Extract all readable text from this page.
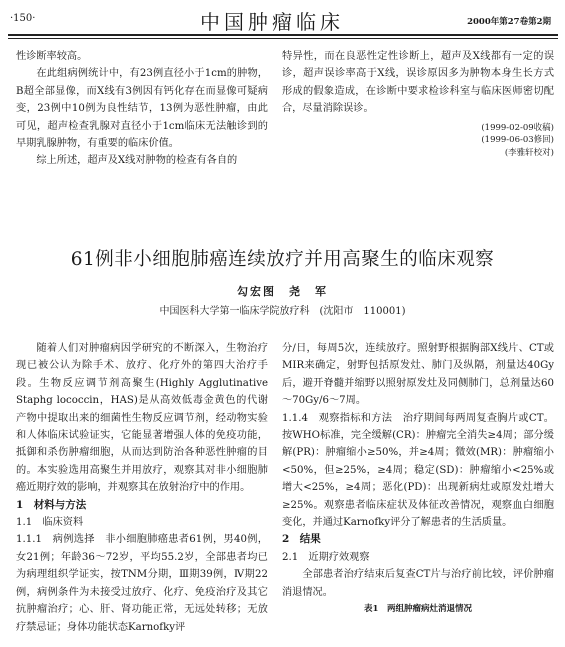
·150·	中国肿瘤临床	2000年第27卷第2期

性诊断率较高。

在此组病例统计中，有23例直径小于1cm的肿物，B超全部显像，而X线有3例因有钙化存在而显像可疑病变，23例中10例为良性结节，13例为恶性肿瘤，由此可见，超声检查乳腺对直径小于1cm临床无法触诊到的早期乳腺肿物，有重要的临床价值。

综上所述，超声及X线对肿物的检查有各自的

特异性，而在良恶性定性诊断上，超声及X线都有一定的误诊，超声误诊率高于X线，误诊原因多为肿物本身生长方式形成的假象造成，在诊断中要求检诊科室与临床医师密切配合，尽量消除误诊。

(1999-02-09收稿)
(1999-06-03修回)
(李雅轩校对)
61例非小细胞肺癌连续放疗并用高聚生的临床观察
勾宏图　尧　军
中国医科大学第一临床学院放疗科　(沈阳市　110001)

随着人们对肿瘤病因学研究的不断深入，生物治疗现已被公认为除手术、放疗、化疗外的第四大治疗手段。生物反应调节剂高聚生(Highly Agglutinative Staphg lococcin，HAS)是从高效低毒金黄色的代谢产物中提取出来的细菌性生物反应调节剂，经动物实验和人体临床试验证实，它能显著增强人体的免疫功能，抵御和杀伤肿瘤细胞，从而达到防治各种恶性肿瘤的目的。本实验选用高聚生并用放疗，观察其对非小细胞肺癌近期疗效的影响，并观察其在放射治疗中的作用。

1　材料与方法

1.1　临床资料

1.1.1　病例选择　非小细胞肺癌患者61例，男40例，女21例；年龄36～72岁，平均55.2岁，全部患者均已为病理组织学证实，按TNM分期，Ⅲ期39例，Ⅳ期22例，病例条件为未接受过放疗、化疗、免疫治疗及其它抗肿瘤治疗；心、肝、肾功能正常，无远处转移；无放疗禁忌证；身体功能状态Karnofky评

分/日，每周5次，连续放疗。照射野根据胸部X线片、CT或MIR来确定，射野包括原发灶、肺门及纵隔，剂量达40Gy后，避开脊髓并缩野以照射原发灶及同侧肺门，总剂量达60～70Gy/6～7周。

1.1.4　观察指标和方法　治疗期间每两周复查胸片或CT。按WHO标准，完全缓解(CR)：肿瘤完全消失≥4周；部分缓解(PR)：肿瘤缩小≥50%，并≥4周；微效(MR)：肿瘤缩小<50%，但≥25%，≥4周；稳定(SD)：肿瘤缩小<25%或增大<25%，≥4周；恶化(PD)：出现新病灶或原发灶增大≥25%。观察患者临床症状及体征改善情况，观察血白细胞变化，并通过Karnofky评分了解患者的生活质量。

2　结果

2.1　近期疗效观察

全部患者治疗结束后复查CT片与治疗前比较，评价肿瘤消退情况。

表1　两组肿瘤病灶消退情况
